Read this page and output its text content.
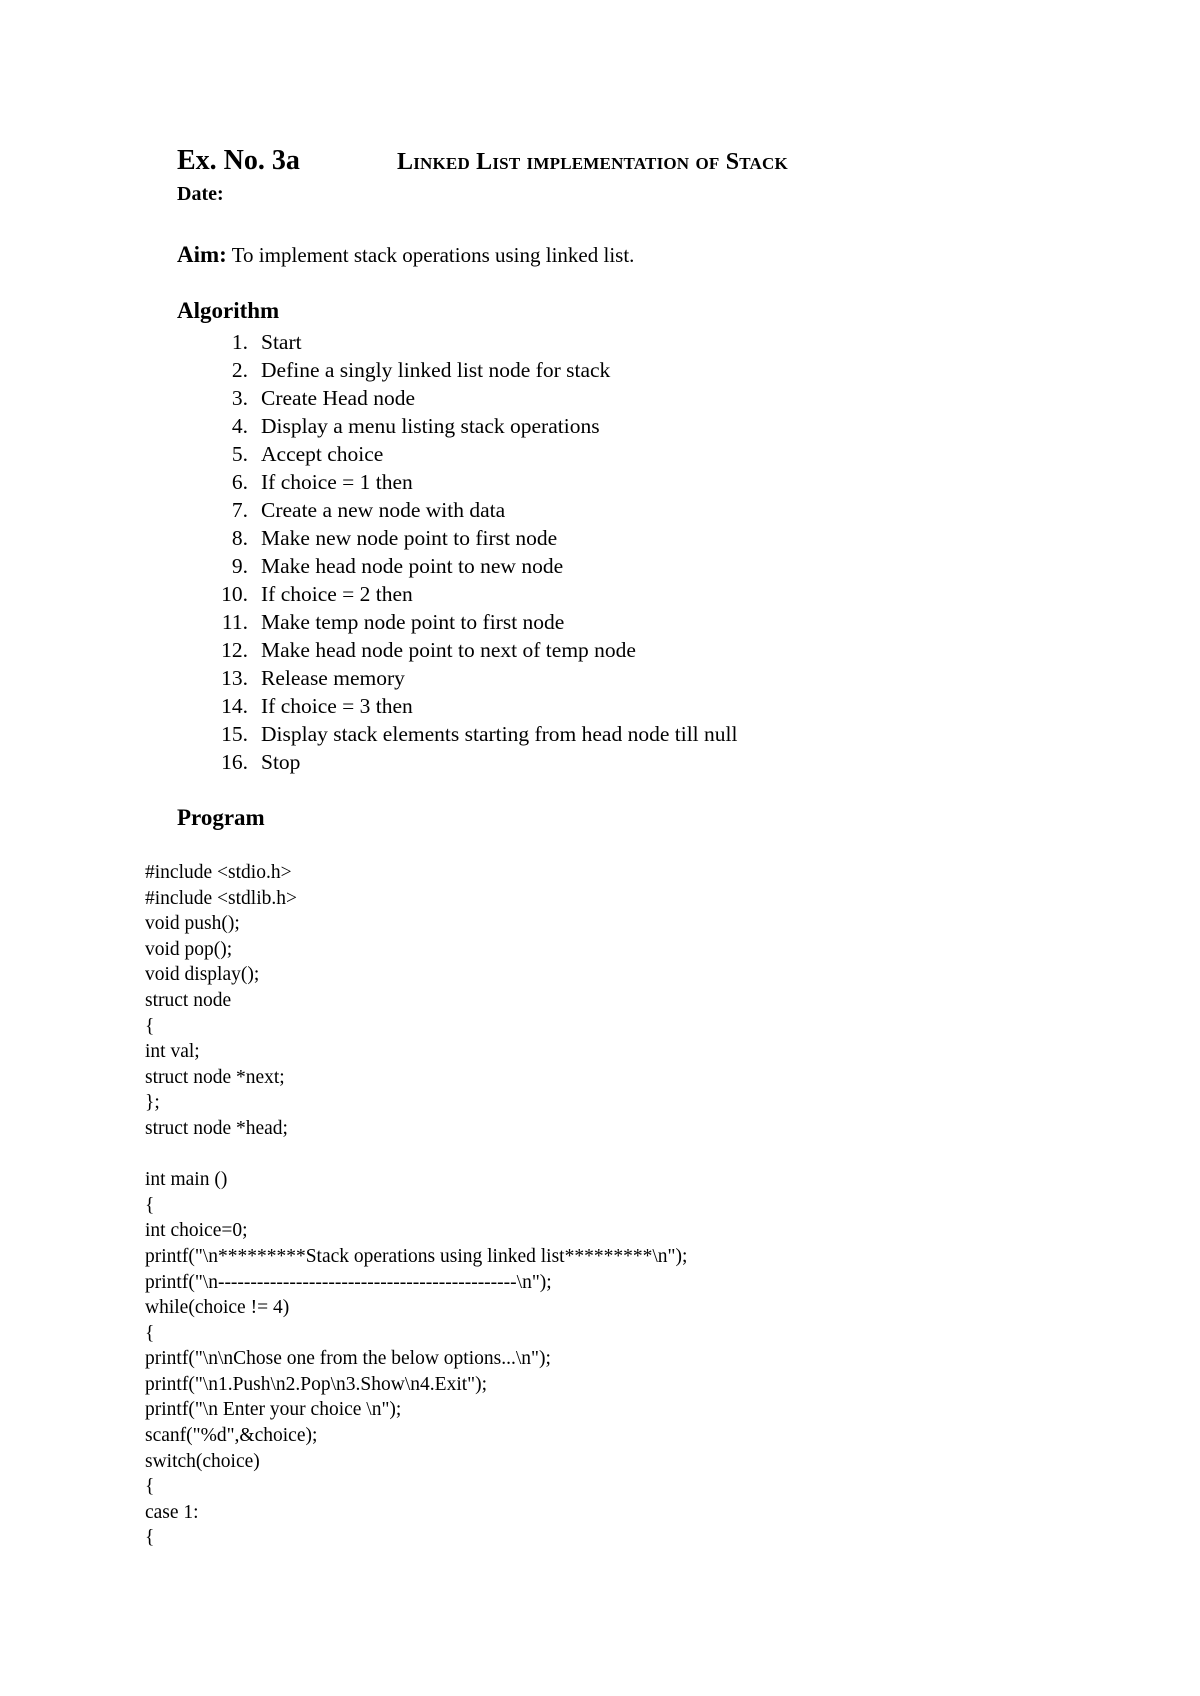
Ex. No. 3a	Linked List implementation of Stack
Date:
Aim: To implement stack operations using linked list.
Algorithm
1. Start
2. Define a singly linked list node for stack
3. Create Head node
4. Display a menu listing stack operations
5. Accept choice
6. If choice = 1 then
7. Create a new node with data
8. Make new node point to first node
9. Make head node point to new node
10. If choice = 2 then
11. Make temp node point to first node
12. Make head node point to next of temp node
13. Release memory
14. If choice = 3 then
15. Display stack elements starting from head node till null
16. Stop
Program
#include <stdio.h>
#include <stdlib.h>
void push();
void pop();
void display();
struct node
{
int val;
struct node *next;
};
struct node *head;
int main ()
{
int choice=0;
printf("\n*********Stack operations using linked list*********\n");
printf("\n----------------------------------------------\n");
while(choice != 4)
{
printf("\n\nChose one from the below options...\n");
printf("\n1.Push\n2.Pop\n3.Show\n4.Exit");
printf("\n Enter your choice \n");
scanf("%d",&choice);
switch(choice)
{
case 1:
{
